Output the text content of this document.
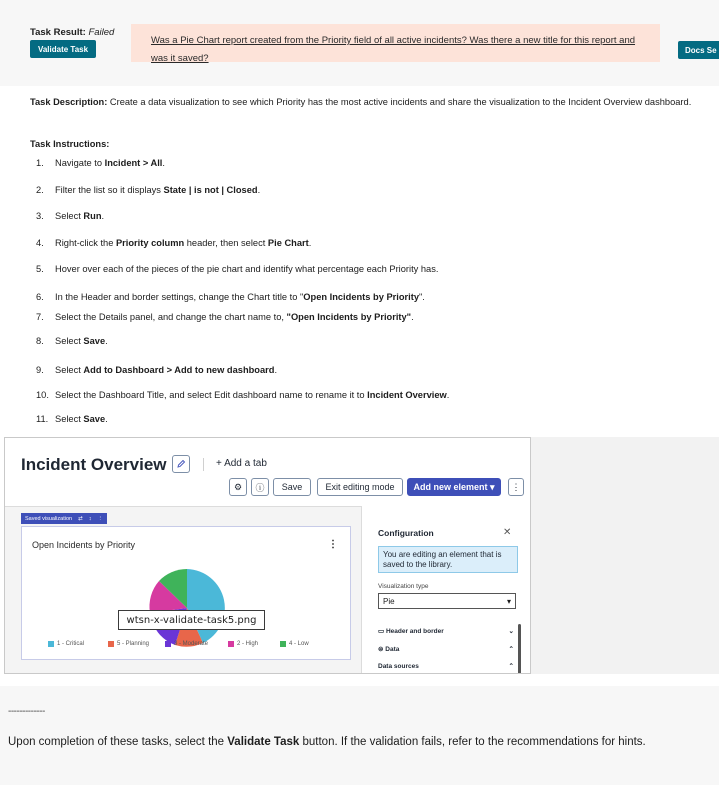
Task Result: Failed
Validate Task
Was a Pie Chart report created from the Priority field of all active incidents? Was there a new title for this report and was it saved?
Docs Se
Task Description: Create a data visualization to see which Priority has the most active incidents and share the visualization to the Incident Overview dashboard.
Task Instructions:
1.	Navigate to Incident > All.
2.	Filter the list so it displays State | is not | Closed.
3.	Select Run.
4.	Right-click the Priority column header, then select Pie Chart.
5.	Hover over each of the pieces of the pie chart and identify what percentage each Priority has.
6.	In the Header and border settings, change the Chart title to "Open Incidents by Priority".
7.	Select the Details panel, and change the chart name to, "Open Incidents by Priority".
8.	Select Save.
9.	Select Add to Dashboard > Add to new dashboard.
10. Select the Dashboard Title, and select Edit dashboard name to rename it to Incident Overview.
11. Select Save.
Incident Overview	+ Add a tab
⚙ ⓘ	Save	Exit editing mode	Add new element ▾	⋮
Saved visualization ⇄ ↕ ⋮
Open Incidents by Priority	⋮
1 - Critical	5 - Planning	3 - Moderate	2 - High	4 - Low
wtsn-x-validate-task5.png
Configuration	✕
You are editing an element that is saved to the library.
Visualization type
Pie	▾
▭ Header and border	⌄
⊜ Data	⌃
Data sources	⌃
-------------
Upon completion of these tasks, select the Validate Task button. If the validation fails, refer to the recommendations for hints.
